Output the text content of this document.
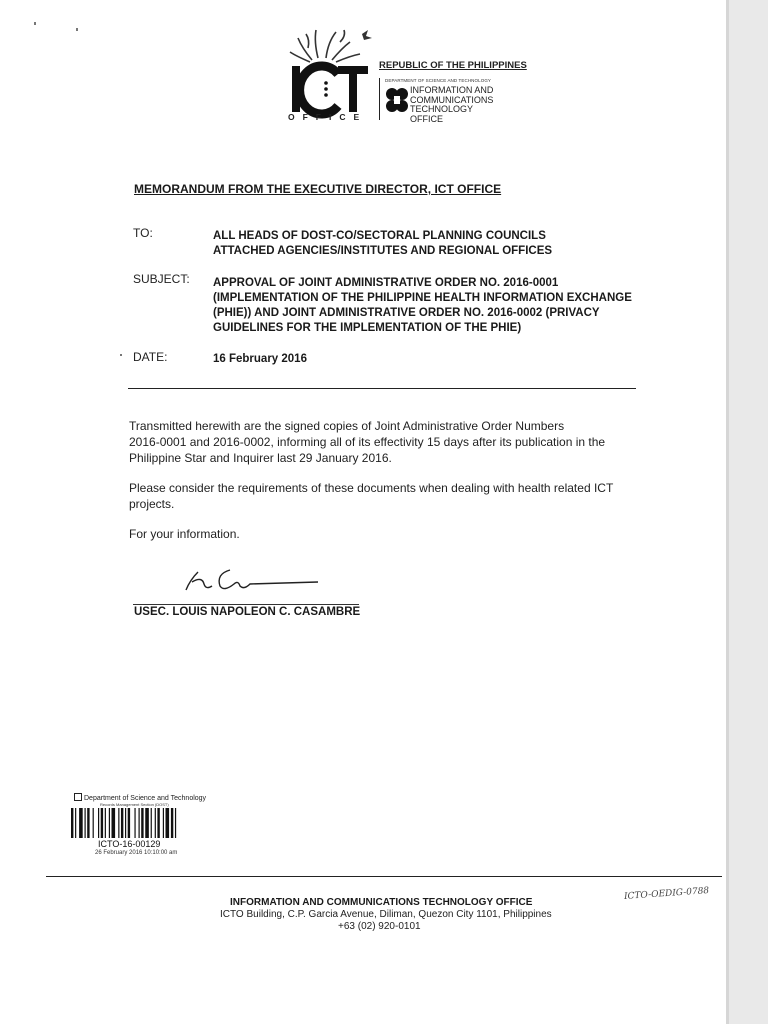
OFFICE
REPUBLIC OF THE PHILIPPINES
DEPARTMENT OF SCIENCE AND TECHNOLOGY
INFORMATION AND
COMMUNICATIONS
TECHNOLOGY
OFFICE
MEMORANDUM FROM THE EXECUTIVE DIRECTOR, ICT OFFICE
TO:	ALL HEADS OF DOST-CO/SECTORAL PLANNING COUNCILS
ATTACHED AGENCIES/INSTITUTES AND REGIONAL OFFICES
SUBJECT: APPROVAL OF JOINT ADMINISTRATIVE ORDER NO. 2016-0001
(IMPLEMENTATION OF THE PHILIPPINE HEALTH INFORMATION EXCHANGE
(PHIE)) AND JOINT ADMINISTRATIVE ORDER NO. 2016-0002 (PRIVACY
GUIDELINES FOR THE IMPLEMENTATION OF THE PHIE)
DATE:	16 February 2016
Transmitted herewith are the signed copies of Joint Administrative Order Numbers
2016-0001 and 2016-0002, informing all of its effectivity 15 days after its publication in the
Philippine Star and Inquirer last 29 January 2016.
Please consider the requirements of these documents when dealing with health related ICT
projects.
For your information.
USEC. LOUIS NAPOLEON C. CASAMBRE
Department of Science and Technology
Records Management Section (DOST)
ICTO-16-00129
26 February 2016 10:10:00 am
ICTO-OEDIG-0788
INFORMATION AND COMMUNICATIONS TECHNOLOGY OFFICE
ICTO Building, C.P. Garcia Avenue, Diliman, Quezon City 1101, Philippines
+63 (02) 920-0101
